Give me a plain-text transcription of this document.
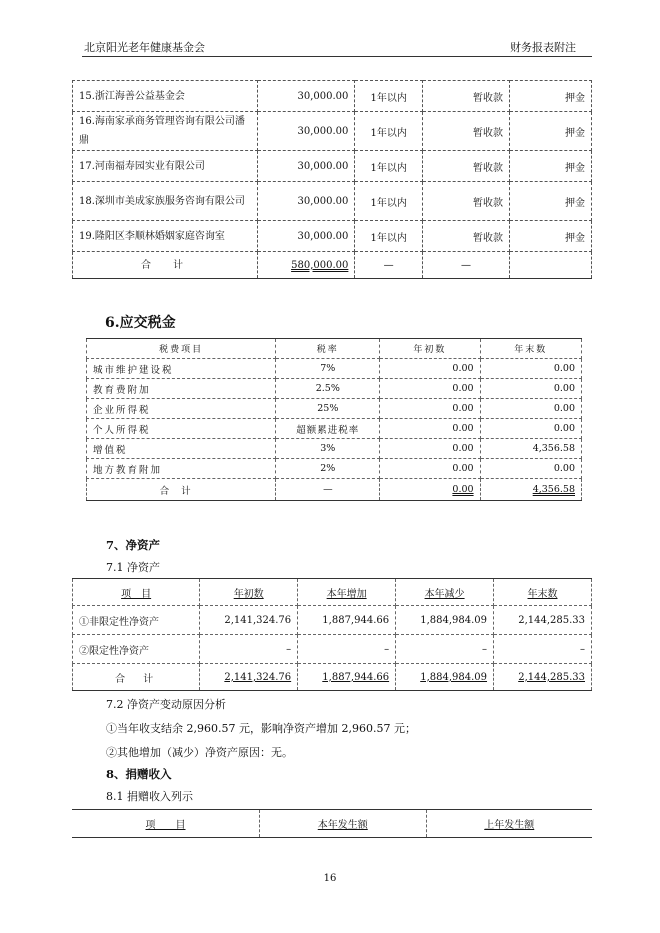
北京阳光老年健康基金会	财务报表附注
15.浙江海善公益基金会	30,000.00	1年以内	暂收款	押金
16.海南家承商务管理咨询有限公司潘鼎	30,000.00	1年以内	暂收款	押金
17.河南福寿园实业有限公司	30,000.00	1年以内	暂收款	押金
18.深圳市美成家族服务咨询有限公司	30,000.00	1年以内	暂收款	押金
19.隆阳区李顺林婚姻家庭咨询室	30,000.00	1年以内	暂收款	押金
合　计	580,000.00	—	—	
6.应交税金
税费项目	税率	年初数	年末数
城市维护建设税	7%	0.00	0.00
教育费附加	2.5%	0.00	0.00
企业所得税	25%	0.00	0.00
个人所得税	超额累进税率	0.00	0.00
增值税	3%	0.00	4,356.58
地方教育附加	2%	0.00	0.00
合计	—	0.00	4,356.58
7、净资产
7.1 净资产
项　目	年初数	本年增加	本年减少	年末数
①非限定性净资产	2,141,324.76	1,887,944.66	1,884,984.09	2,144,285.33
②限定性净资产	–	–	–	–
合　计	2,141,324.76	1,887,944.66	1,884,984.09	2,144,285.33
7.2 净资产变动原因分析
①当年收支结余 2,960.57 元，影响净资产增加 2,960.57 元；
②其他增加（减少）净资产原因：无。
8、捐赠收入
8.1 捐赠收入列示
项　　目	本年发生额	上年发生额
16
